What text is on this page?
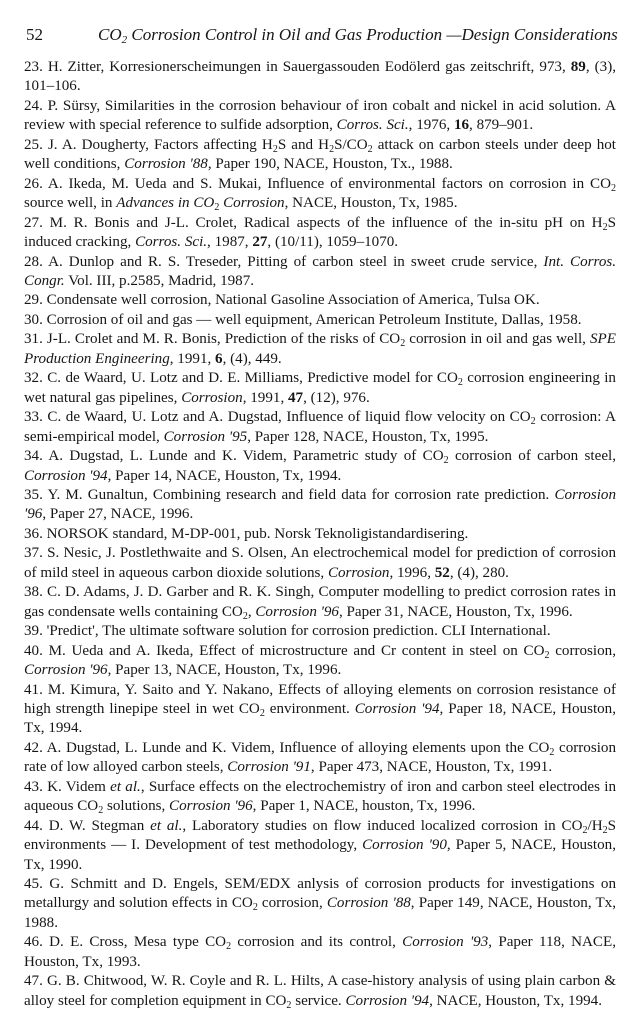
52	$CO_2$ Corrosion Control in Oil and Gas Production —Design Considerations

23. H. Zitter, Korresionerscheimungen in Sauergassouden Eodölerd gas zeitschrift, 973, 89, (3), 101–106.

24. P. Sürsy, Similarities in the corrosion behaviour of iron cobalt and nickel in acid solution. A review with special reference to sulfide adsorption, Corros. Sci., 1976, 16, 879–901.

25. J. A. Dougherty, Factors affecting $H_2S$ and $H_2S/CO_2$ attack on carbon steels under deep hot well conditions, Corrosion '88, Paper 190, NACE, Houston, Tx., 1988.

26. A. Ikeda, M. Ueda and S. Mukai, Influence of environmental factors on corrosion in $CO_2$ source well, in Advances in $CO_2$ Corrosion, NACE, Houston, Tx, 1985.

27. M. R. Bonis and J-L. Crolet, Radical aspects of the influence of the in-situ pH on $H_2S$ induced cracking, Corros. Sci., 1987, 27, (10/11), 1059–1070.

28. A. Dunlop and R. S. Treseder, Pitting of carbon steel in sweet crude service, Int. Corros. Congr. Vol. III, p.2585, Madrid, 1987.

29. Condensate well corrosion, National Gasoline Association of America, Tulsa OK.

30. Corrosion of oil and gas — well equipment, American Petroleum Institute, Dallas, 1958.

31. J-L. Crolet and M. R. Bonis, Prediction of the risks of $CO_2$ corrosion in oil and gas well, SPE Production Engineering, 1991, 6, (4), 449.

32. C. de Waard, U. Lotz and D. E. Milliams, Predictive model for $CO_2$ corrosion engineering in wet natural gas pipelines, Corrosion, 1991, 47, (12), 976.

33. C. de Waard, U. Lotz and A. Dugstad, Influence of liquid flow velocity on $CO_2$ corrosion: A semi-empirical model, Corrosion '95, Paper 128, NACE, Houston, Tx, 1995.

34. A. Dugstad, L. Lunde and K. Videm, Parametric study of $CO_2$ corrosion of carbon steel, Corrosion '94, Paper 14, NACE, Houston, Tx, 1994.

35. Y. M. Gunaltun, Combining research and field data for corrosion rate prediction. Corrosion '96, Paper 27, NACE, 1996.

36. NORSOK standard, M-DP-001, pub. Norsk Teknoligistandardisering.

37. S. Nesic, J. Postlethwaite and S. Olsen, An electrochemical model for prediction of corrosion of mild steel in aqueous carbon dioxide solutions, Corrosion, 1996, 52, (4), 280.

38. C. D. Adams, J. D. Garber and R. K. Singh, Computer modelling to predict corrosion rates in gas condensate wells containing $CO_2$, Corrosion '96, Paper 31, NACE, Houston, Tx, 1996.

39. 'Predict', The ultimate software solution for corrosion prediction. CLI International.

40. M. Ueda and A. Ikeda, Effect of microstructure and Cr content in steel on $CO_2$ corrosion, Corrosion '96, Paper 13, NACE, Houston, Tx, 1996.

41. M. Kimura, Y. Saito and Y. Nakano, Effects of alloying elements on corrosion resistance of high strength linepipe steel in wet $CO_2$ environment. Corrosion '94, Paper 18, NACE, Houston, Tx, 1994.

42. A. Dugstad, L. Lunde and K. Videm, Influence of alloying elements upon the $CO_2$ corrosion rate of low alloyed carbon steels, Corrosion '91, Paper 473, NACE, Houston, Tx, 1991.

43. K. Videm et al., Surface effects on the electrochemistry of iron and carbon steel electrodes in aqueous $CO_2$ solutions, Corrosion '96, Paper 1, NACE, houston, Tx, 1996.

44. D. W. Stegman et al., Laboratory studies on flow induced localized corrosion in $CO_2/H_2S$ environments — I. Development of test methodology, Corrosion '90, Paper 5, NACE, Houston, Tx, 1990.

45. G. Schmitt and D. Engels, SEM/EDX anlysis of corrosion products for investigations on metallurgy and solution effects in $CO_2$ corrosion, Corrosion '88, Paper 149, NACE, Houston, Tx, 1988.

46. D. E. Cross, Mesa type $CO_2$ corrosion and its control, Corrosion '93, Paper 118, NACE, Houston, Tx, 1993.

47. G. B. Chitwood, W. R. Coyle and R. L. Hilts, A case-history analysis of using plain carbon & alloy steel for completion equipment in $CO_2$ service. Corrosion '94, NACE, Houston, Tx, 1994.
